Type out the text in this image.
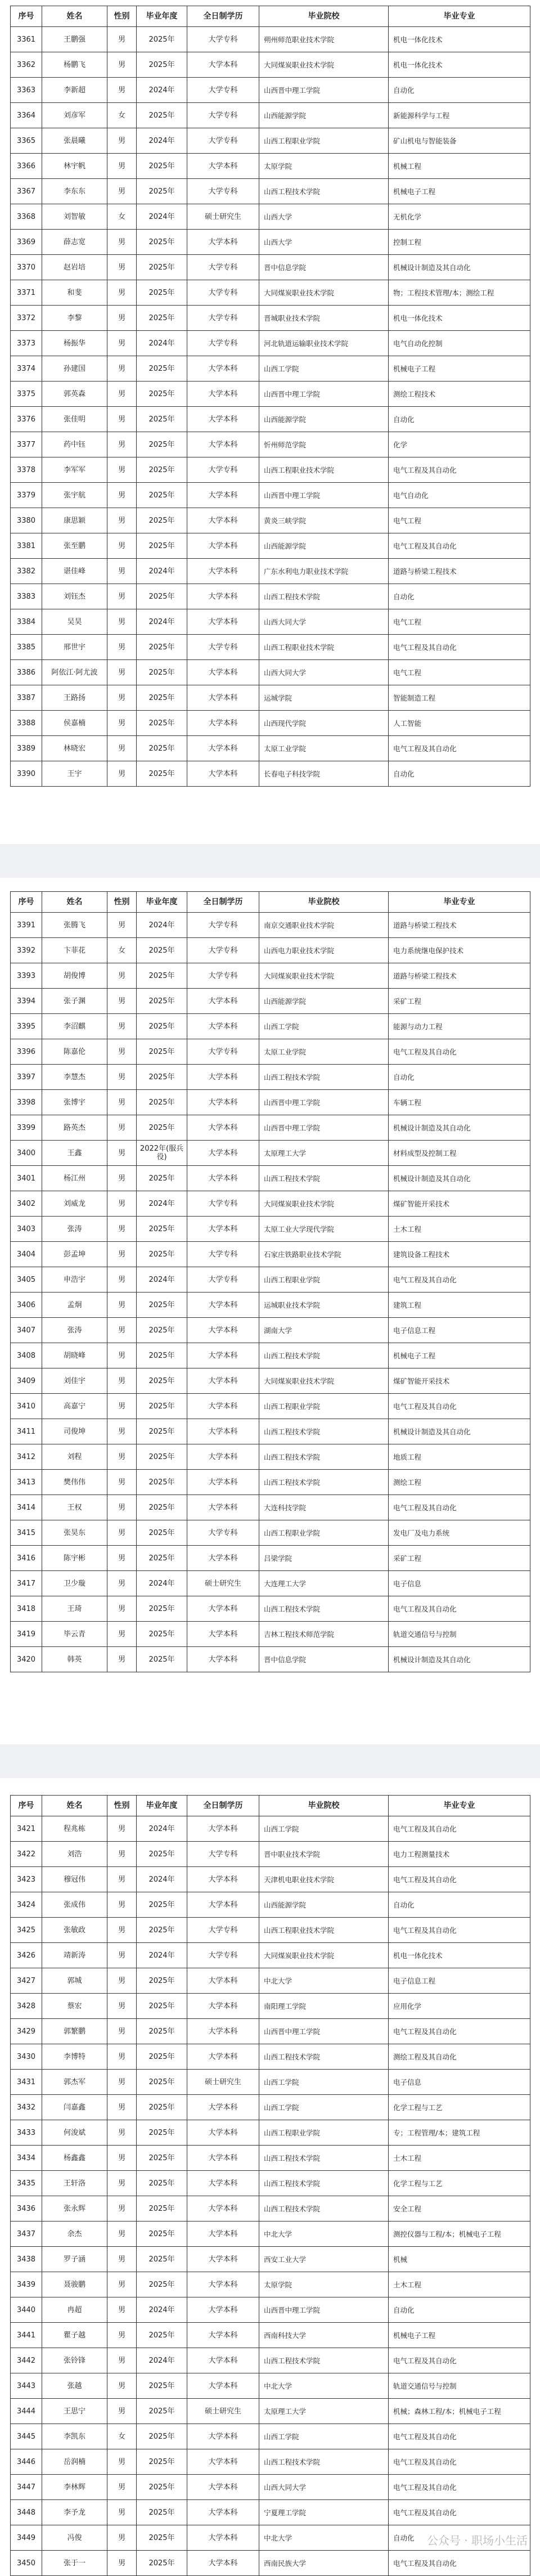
序号	姓名	性别	毕业年度	全日制学历	毕业院校	毕业专业
3361	王鹏强	男	2025年	大学专科	朔州师范职业技术学院	机电一体化技术
3362	杨鹏飞	男	2025年	大学本科	大同煤炭职业技术学院	机电一体化技术
3363	李新超	男	2024年	大学专科	山西晋中理工学院	自动化
3364	刘彦军	女	2025年	大学专科	山西能源学院	新能源科学与工程
3365	张晨曦	男	2024年	大学专科	山西工程职业学院	矿山机电与智能装备
3366	林宇帆	男	2025年	大学本科	太原学院	机械工程
3367	李东东	男	2025年	大学专科	山西工程技术学院	机械电子工程
3368	刘智敏	女	2024年	硕士研究生	山西大学	无机化学
3369	薛志宽	男	2025年	大学本科	山西大学	控制工程
3370	赵岩培	男	2025年	大学专科	晋中信息学院	机械设计制造及其自动化
3371	和斐	男	2025年	大学专科	大同煤炭职业技术学院	物；工程技术管理/本；测绘工程
3372	李黎	男	2025年	大学专科	晋城职业技术学院	机电一体化技术
3373	杨振华	男	2024年	大学专科	河北轨道运输职业技术学院	电气自动化控制
3374	孙建国	男	2025年	大学本科	山西工学院	机械电子工程
3375	郭英森	男	2025年	大学本科	山西晋中理工学院	测绘工程技术
3376	张佳明	男	2025年	大学本科	山西能源学院	自动化
3377	药中钰	男	2025年	大学本科	忻州师范学院	化学
3378	李军军	男	2025年	大学专科	山西工程职业技术学院	电气工程及其自动化
3379	张宇航	男	2025年	大学本科	山西晋中理工学院	电气自动化
3380	康思颖	男	2025年	大学本科	黄炎三峡学院	电气工程
3381	张至鹏	男	2025年	大学本科	山西能源学院	电气工程及其自动化
3382	谌佳峰	男	2024年	大学本科	广东水利电力职业技术学院	道路与桥梁工程技术
3383	刘钰杰	男	2025年	大学本科	山西工程技术学院	自动化
3384	吴昊	男	2024年	大学本科	山西大同大学	电气工程
3385	邢世宇	男	2025年	大学专科	山西工程职业技术学院	电气工程及其自动化
3386	阿依江·阿尤波	男	2025年	大学本科	山西大同大学	电气工程
3387	王路扬	男	2025年	大学本科	运城学院	智能制造工程
3388	侯嘉楠	男	2025年	大学本科	山西现代学院	人工智能
3389	林晓宏	男	2025年	大学本科	太原工业学院	电气工程及其自动化
3390	王宇	男	2025年	大学本科	长春电子科技学院	自动化
序号	姓名	性别	毕业年度	全日制学历	毕业院校	毕业专业
3391	张腾飞	男	2024年	大学专科	南京交通职业技术学院	道路与桥梁工程技术
3392	卞菲花	女	2025年	大学专科	山西电力职业技术学院	电力系统继电保护技术
3393	胡俊博	男	2025年	大学专科	大同煤炭职业技术学院	道路与桥梁工程技术
3394	张子渊	男	2025年	大学本科	山西能源学院	采矿工程
3395	李沼麒	男	2025年	大学本科	山西工学院	能源与动力工程
3396	陈嘉伦	男	2025年	大学专科	太原工业学院	电气工程及其自动化
3397	李慧杰	男	2025年	大学本科	山西工程技术学院	自动化
3398	张博宇	男	2025年	大学本科	山西晋中理工学院	车辆工程
3399	路英杰	男	2025年	大学本科	山西晋中理工学院	机械设计制造及其自动化
3400	王鑫	男	2022年(服兵役)	大学本科	太原理工大学	材料成型及控制工程
3401	杨江州	男	2025年	大学本科	山西工程技术学院	机械设计制造及其自动化
3402	刘威龙	男	2024年	大学专科	大同煤炭职业技术学院	煤矿智能开采技术
3403	张涛	男	2025年	大学本科	太原工业大学现代学院	土木工程
3404	彭孟坤	男	2025年	大学专科	石家庄铁路职业技术学院	建筑设备工程技术
3405	申浩宇	男	2024年	大学专科	山西工程职业学院	电气工程及其自动化
3406	孟炯	男	2025年	大学本科	运城职业技术学院	建筑工程
3407	张涛	男	2025年	大学本科	湖南大学	电子信息工程
3408	胡晓峰	男	2025年	大学本科	山西工程技术学院	机械电子工程
3409	刘佳宇	男	2025年	大学本科	大同煤炭职业技术学院	煤矿智能开采技术
3410	高嘉宁	男	2025年	大学本科	山西工程职业学院	电气工程及其自动化
3411	司俊坤	男	2025年	大学本科	山西工程技术学院	机械设计制造及其自动化
3412	刘程	男	2025年	大学本科	山西工程技术学院	地质工程
3413	樊伟伟	男	2025年	大学本科	山西工程技术学院	测绘工程
3414	王权	男	2025年	大学本科	大连科技学院	电气工程及其自动化
3415	张昊东	男	2025年	大学专科	山西工程职业学院	发电厂及电力系统
3416	陈宇彬	男	2025年	大学本科	吕梁学院	采矿工程
3417	卫少璇	男	2024年	硕士研究生	大连理工大学	电子信息
3418	王琦	男	2025年	大学本科	山西工程技术学院	电气工程及其自动化
3419	毕云青	男	2025年	大学本科	吉林工程技术师范学院	轨道交通信号与控制
3420	韩英	男	2025年	大学本科	晋中信息学院	机械设计制造及其自动化
序号	姓名	性别	毕业年度	全日制学历	毕业院校	毕业专业
3421	程兆栋	男	2024年	大学本科	山西工学院	电气工程及其自动化
3422	刘浩	男	2025年	大学专科	晋中职业技术学院	电力工程测量技术
3423	穆冠伟	男	2024年	大学本科	天津机电职业技术学院	电气工程及其自动化
3424	张成伟	男	2025年	大学本科	山西能源学院	自动化
3425	张敏政	男	2025年	大学专科	山西工程职业技术学院	电气工程及其自动化
3426	靖新涛	男	2024年	大学专科	大同煤炭职业技术学院	机电一体化技术
3427	郭城	男	2025年	大学本科	中北大学	电子信息工程
3428	蔡宏	男	2025年	大学本科	南阳理工学院	应用化学
3429	郭繁鹏	男	2025年	大学本科	山西晋中理工学院	电气工程及其自动化
3430	李博特	男	2025年	大学本科	山西工程技术学院	测绘工程及其自动化
3431	郭杰军	男	2025年	硕士研究生	山西工学院	电子信息
3432	闫嘉鑫	男	2025年	大学本科	山西工学院	化学工程与工艺
3433	何浚斌	男	2025年	大学本科	山西工程职业学院	专；工程管理/本；建筑工程
3434	杨鑫鑫	男	2025年	大学本科	山西工程技术学院	土木工程
3435	王轩洛	男	2025年	大学本科	山西工程技术学院	化学工程与工艺
3436	张永辉	男	2025年	大学本科	山西工程技术学院	安全工程
3437	余杰	男	2025年	大学本科	中北大学	测控仪器与工程/本；机械电子工程
3438	罗子涵	男	2025年	大学本科	西安工业大学	机械
3439	聂骏鹏	男	2025年	大学本科	太原学院	土木工程
3440	冉超	男	2024年	大学本科	山西晋中理工学院	自动化
3441	瞿子越	男	2025年	大学本科	西南科技大学	机械电子工程
3442	张铃锋	男	2024年	大学本科	山西工程技术学院	电气工程及其自动化
3443	张越	男	2025年	大学本科	中北大学	轨道交通信号与控制
3444	王思宁	男	2025年	硕士研究生	太原理工大学	机械；森林工程/本；机械电子工程
3445	李凯东	女	2025年	大学本科	山西工学院	电气工程及其自动化
3446	岳润楠	男	2025年	大学本科	山西工程技术学院	电气工程及其自动化
3447	李林辉	男	2025年	大学本科	山西大同大学	电气工程及其自动化
3448	李予龙	男	2025年	大学本科	宁夏理工学院	电气工程及其自动化
3449	冯俊	男	2025年	大学本科	中北大学	自动化
3450	张于一	男	2025年	大学本科	西南民族大学	电气工程及其自动化
公众号 · 职场小生活
